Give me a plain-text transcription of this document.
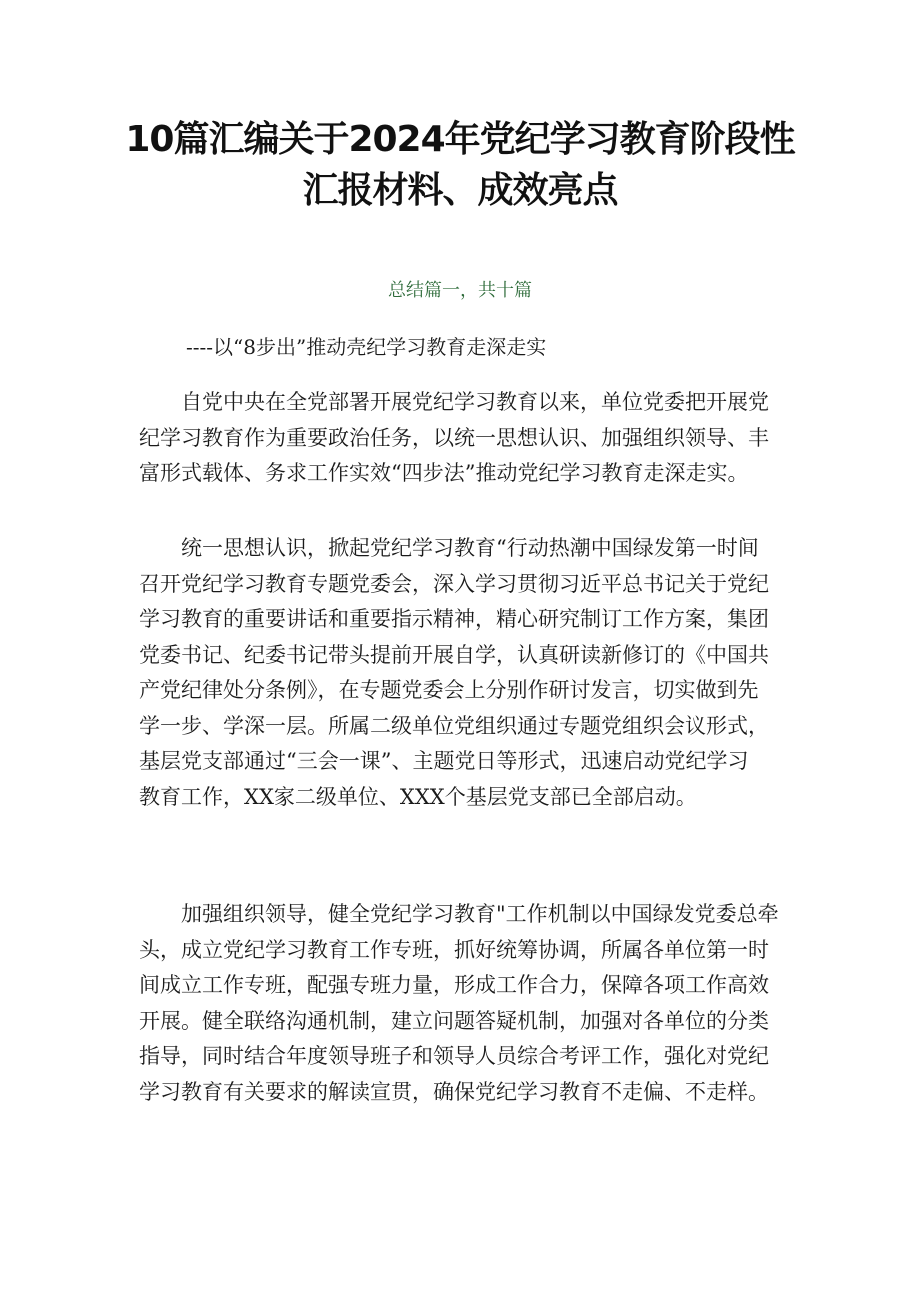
10篇汇编关于2024年党纪学习教育阶段性
汇报材料、成效亮点
总结篇一，共十篇
----以“8步出”推动壳纪学习教育走深走实
自党中央在全党部署开展党纪学习教育以来，单位党委把开展党
纪学习教育作为重要政治任务，以统一思想认识、加强组织领导、丰
富形式载体、务求工作实效“四步法”推动党纪学习教育走深走实。
统一思想认识，掀起党纪学习教育“行动热潮中国绿发第一时间
召开党纪学习教育专题党委会，深入学习贯彻习近平总书记关于党纪
学习教育的重要讲话和重要指示精神，精心研究制订工作方案，集团
党委书记、纪委书记带头提前开展自学，认真研读新修订的《中国共
产党纪律处分条例》，在专题党委会上分别作研讨发言，切实做到先
学一步、学深一层。所属二级单位党组织通过专题党组织会议形式，
基层党支部通过“三会一课”、主题党日等形式，迅速启动党纪学习
教育工作，XX家二级单位、XXX个基层党支部已全部启动。
加强组织领导，健全党纪学习教育"工作机制以中国绿发党委总牵
头，成立党纪学习教育工作专班，抓好统筹协调，所属各单位第一时
间成立工作专班，配强专班力量，形成工作合力，保障各项工作高效
开展。健全联络沟通机制，建立问题答疑机制，加强对各单位的分类
指导，同时结合年度领导班子和领导人员综合考评工作，强化对党纪
学习教育有关要求的解读宣贯，确保党纪学习教育不走偏、不走样。
